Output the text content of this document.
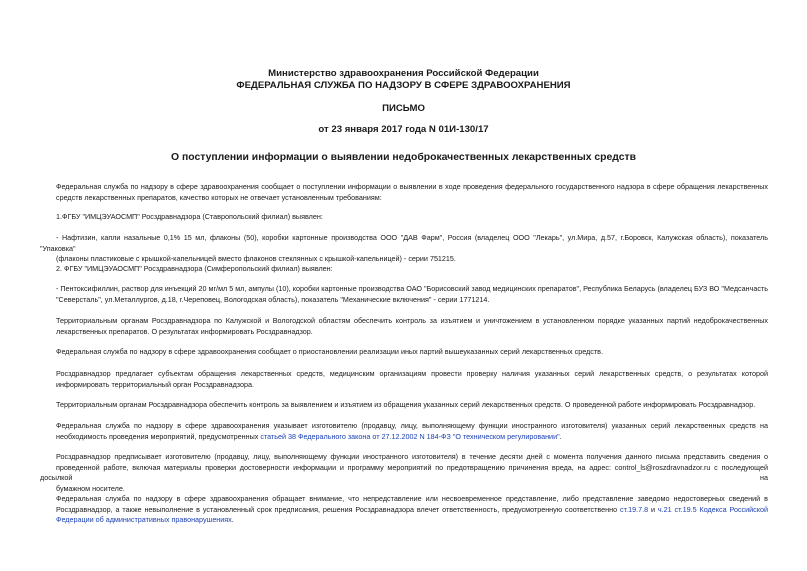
Министерство здравоохранения Российской Федерации
ФЕДЕРАЛЬНАЯ СЛУЖБА ПО НАДЗОРУ В СФЕРЕ ЗДРАВООХРАНЕНИЯ
ПИСЬМО
от 23 января 2017 года N 01И-130/17
О поступлении информации о выявлении недоброкачественных лекарственных средств

Федеральная служба по надзору в сфере здравоохранения сообщает о поступлении информации о выявлении в ходе проведения федерального государственного надзора в сфере обращения лекарственных
средств лекарственных препаратов, качество которых не отвечает установленным требованиям:

1.ФГБУ "ИМЦЭУАОСМП" Росздравнадзора (Ставропольский филиал) выявлен:

- Нафтизин, капли назальные 0,1% 15 мл, флаконы (50), коробки картонные производства ООО "ДАВ Фарм", Россия (владелец ООО "Лекарь", ул.Мира, д.57, г.Боровск, Калужская область), показатель "Упаковка"
(флаконы пластиковые с крышкой-капельницей вместо флаконов стеклянных с крышкой-капельницей) - серии 751215.

2. ФГБУ "ИМЦЭУАОСМП" Росздравнадзора (Симферопольский филиал) выявлен:

- Пентоксифиллин, раствор для инъекций 20 мг/мл 5 мл, ампулы (10), коробки картонные производства ОАО "Борисовский завод медицинских препаратов", Республика Беларусь (владелец БУЗ ВО "Медсанчасть
"Северсталь", ул.Металлургов, д.18, г.Череповец, Вологодская область), показатель "Механические включения" - серии 1771214.

Территориальным органам Росздравнадзора по Калужской и Вологодской областям обеспечить контроль за изъятием и уничтожением в установленном порядке указанных партий недоброкачественных
лекарственных препаратов. О результатах информировать Росздравнадзор.

Федеральная служба по надзору в сфере здравоохранения сообщает о приостановлении реализации иных партий вышеуказанных серий лекарственных средств.

Росздравнадзор предлагает субъектам обращения лекарственных средств, медицинским организациям провести проверку наличия указанных серий лекарственных средств, о результатах которой
информировать территориальный орган Росздравнадзора.

Территориальным органам Росздравнадзора обеспечить контроль за выявлением и изъятием из обращения указанных серий лекарственных средств. О проведенной работе информировать Росздравнадзор.

Федеральная служба по надзору в сфере здравоохранения указывает изготовителю (продавцу, лицу, выполняющему функции иностранного изготовителя) указанных серий лекарственных средств на
необходимость проведения мероприятий, предусмотренных статьей 38 Федерального закона от 27.12.2002 N 184-ФЗ "О техническом регулировании".

Росздравнадзор предписывает изготовителю (продавцу, лицу, выполняющему функции иностранного изготовителя) в течение десяти дней с момента получения данного письма представить сведения о
проведенной работе, включая материалы проверки достоверности информации и программу мероприятий по предотвращению причинения вреда, на адрес: control_ls@roszdravnadzor.ru с последующей досылкой на
бумажном носителе.

Федеральная служба по надзору в сфере здравоохранения обращает внимание, что непредставление или несвоевременное представление, либо представление заведомо недостоверных сведений в
Росздравнадзор, а также невыполнение в установленный срок предписания, решения Росздравнадзора влечет ответственность, предусмотренную соответственно ст.19.7.8 и ч.21 ст.19.5 Кодекса Российской
Федерации об административных правонарушениях.
